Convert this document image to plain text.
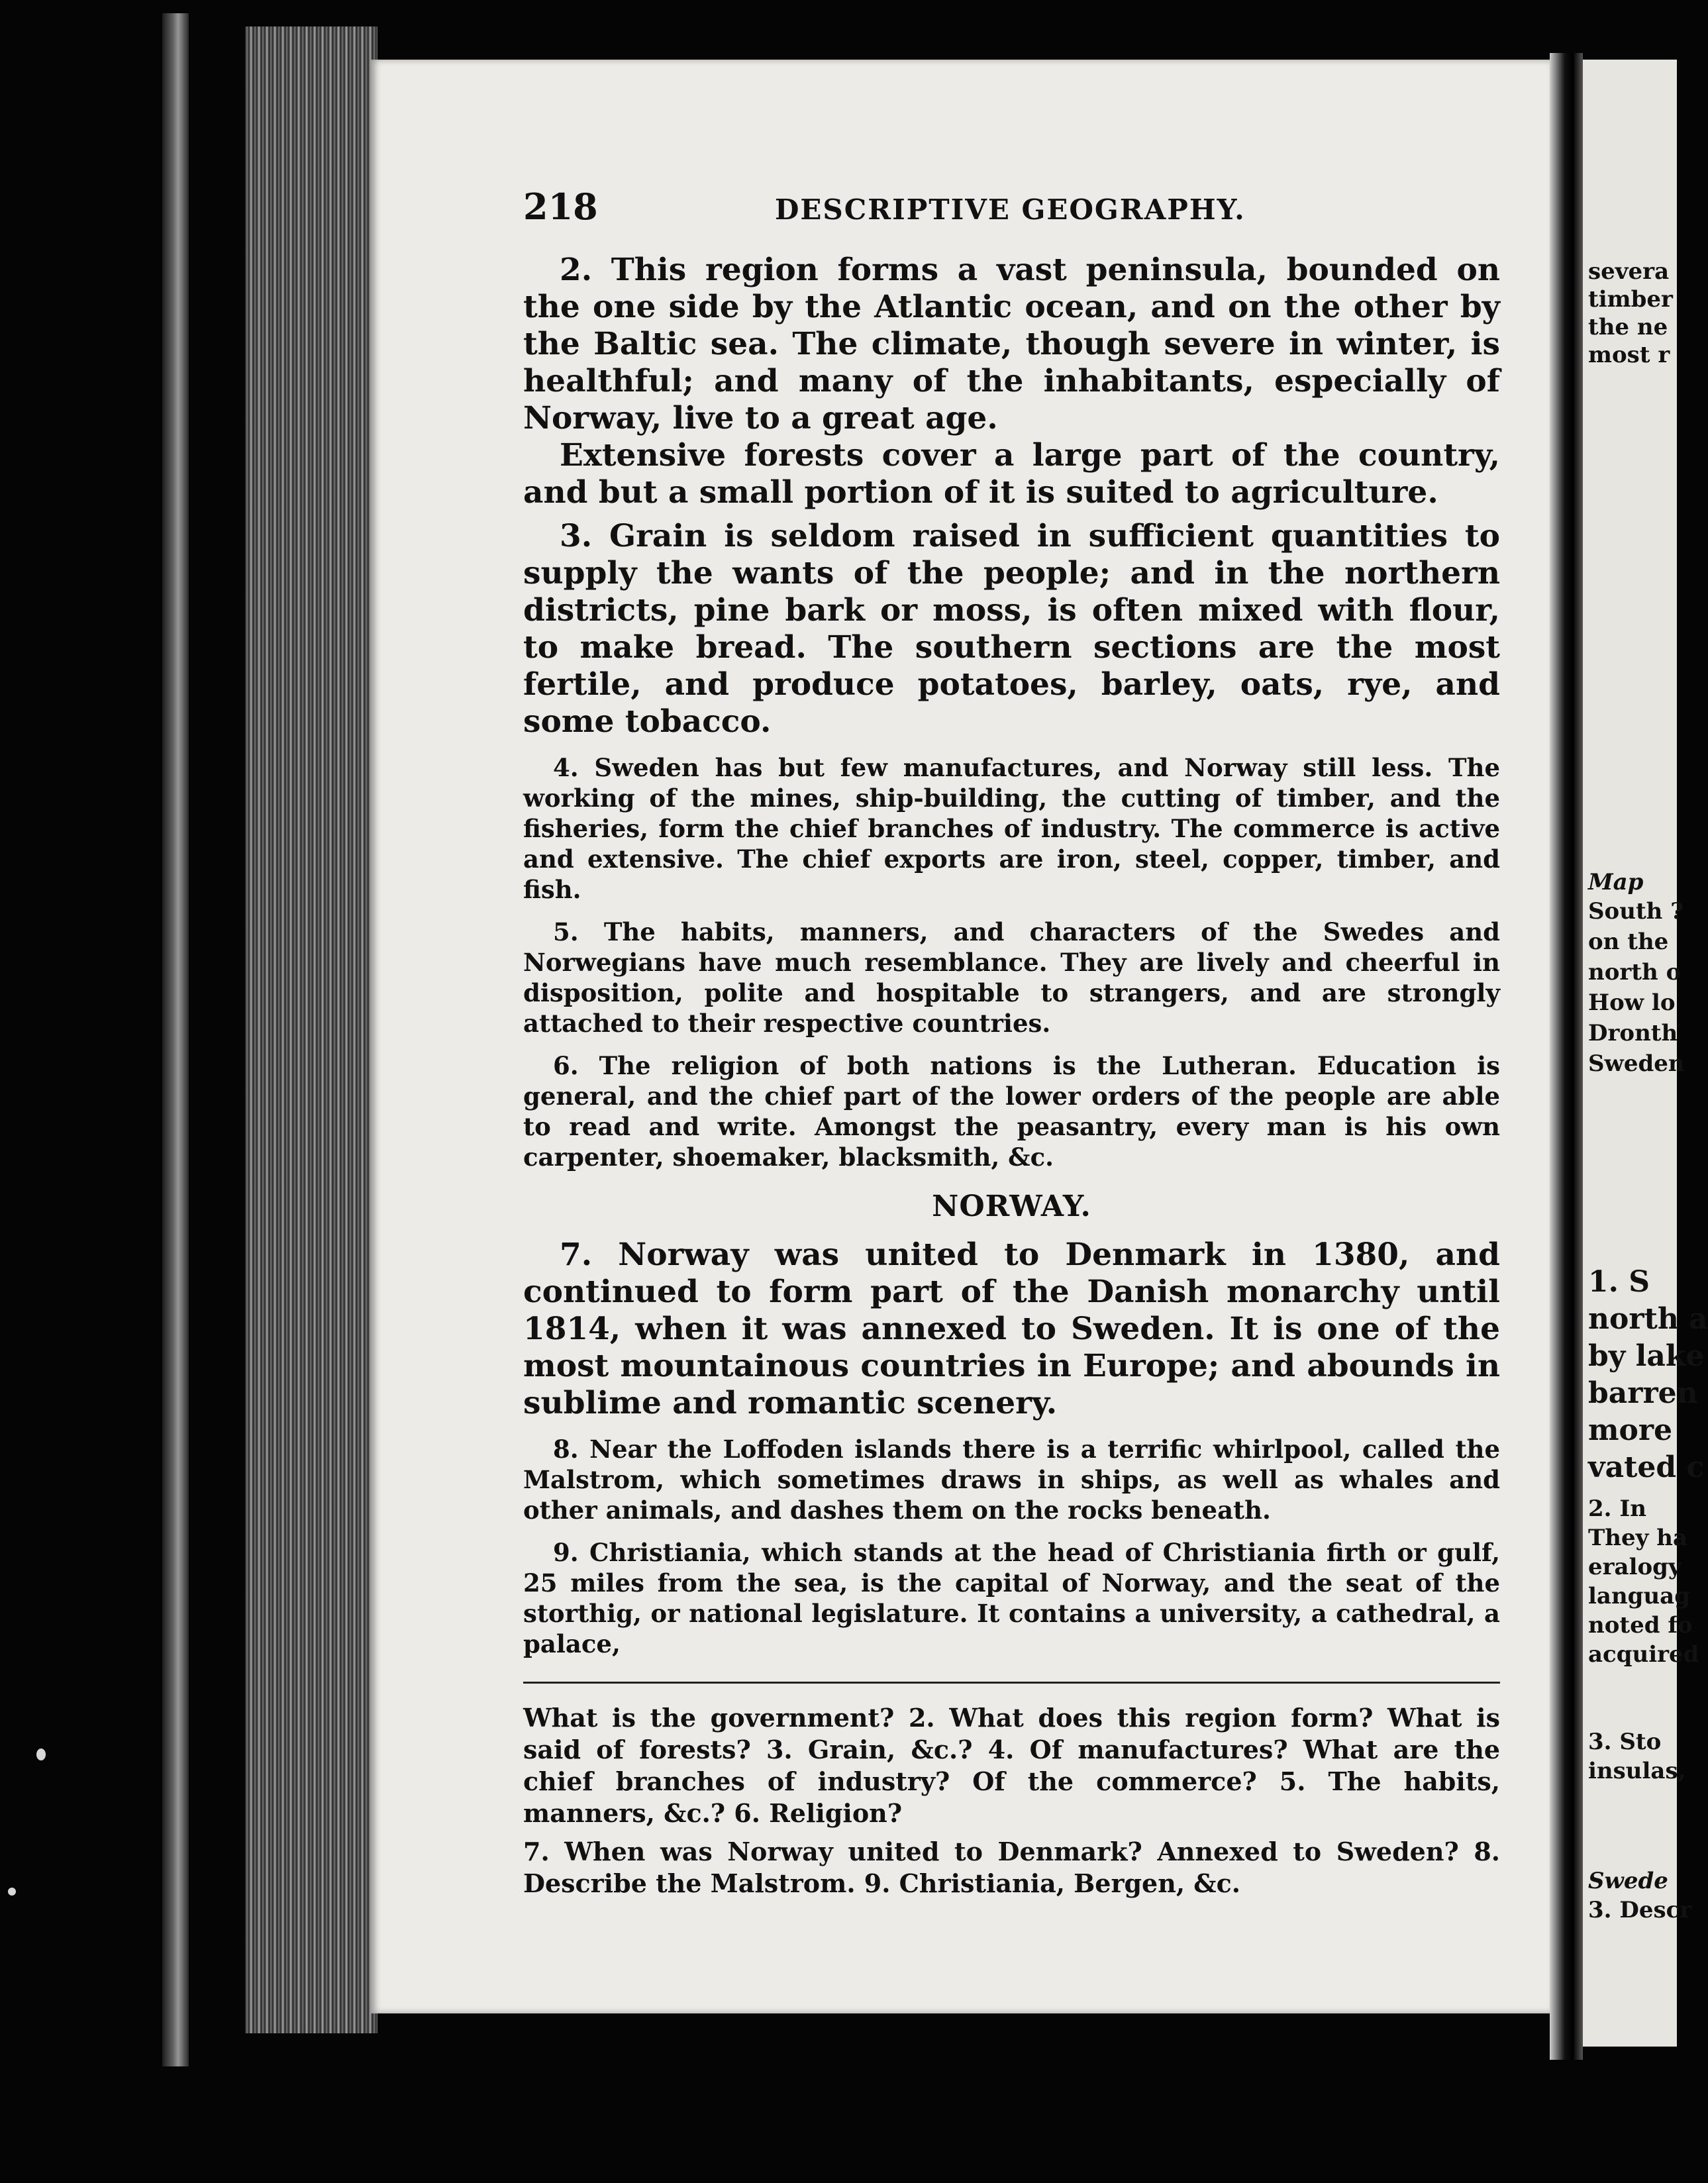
severa
timber
the ne
most r
Map
South ?
on the
north o
How lo
Dronth
Sweden
1. S
north a
by lake
barren
more
vated c
2. In
They ha
eralogy
languag
noted fo
acquired
3. Sto
insulas,
Swede
3. Descr
218	DESCRIPTIVE GEOGRAPHY.

2. This region forms a vast peninsula, bounded on the one side by the Atlantic ocean, and on the other by the Baltic sea. The climate, though severe in winter, is healthful; and many of the inhabitants, especially of Norway, live to a great age.

Extensive forests cover a large part of the country, and but a small portion of it is suited to agriculture.

3. Grain is seldom raised in sufficient quantities to supply the wants of the people; and in the northern districts, pine bark or moss, is often mixed with flour, to make bread. The southern sections are the most fertile, and produce potatoes, barley, oats, rye, and some tobacco.

4. Sweden has but few manufactures, and Norway still less. The working of the mines, ship-building, the cutting of timber, and the fisheries, form the chief branches of industry. The commerce is active and extensive. The chief exports are iron, steel, copper, timber, and fish.

5. The habits, manners, and characters of the Swedes and Norwegians have much resemblance. They are lively and cheerful in disposition, polite and hospitable to strangers, and are strongly attached to their respective countries.

6. The religion of both nations is the Lutheran. Education is general, and the chief part of the lower orders of the people are able to read and write. Amongst the peasantry, every man is his own carpenter, shoemaker, blacksmith, &c.

NORWAY.

7. Norway was united to Denmark in 1380, and continued to form part of the Danish monarchy until 1814, when it was annexed to Sweden. It is one of the most mountainous countries in Europe; and abounds in sublime and romantic scenery.

8. Near the Loffoden islands there is a terrific whirlpool, called the Malstrom, which sometimes draws in ships, as well as whales and other animals, and dashes them on the rocks beneath.

9. Christiania, which stands at the head of Christiania firth or gulf, 25 miles from the sea, is the capital of Norway, and the seat of the storthig, or national legislature. It contains a university, a cathedral, a palace,

What is the government? 2. What does this region form? What is said of forests? 3. Grain, &c.? 4. Of manufactures? What are the chief branches of industry? Of the commerce? 5. The habits, manners, &c.? 6. Religion?

7. When was Norway united to Denmark? Annexed to Sweden? 8. Describe the Malstrom. 9. Christiania, Bergen, &c.
